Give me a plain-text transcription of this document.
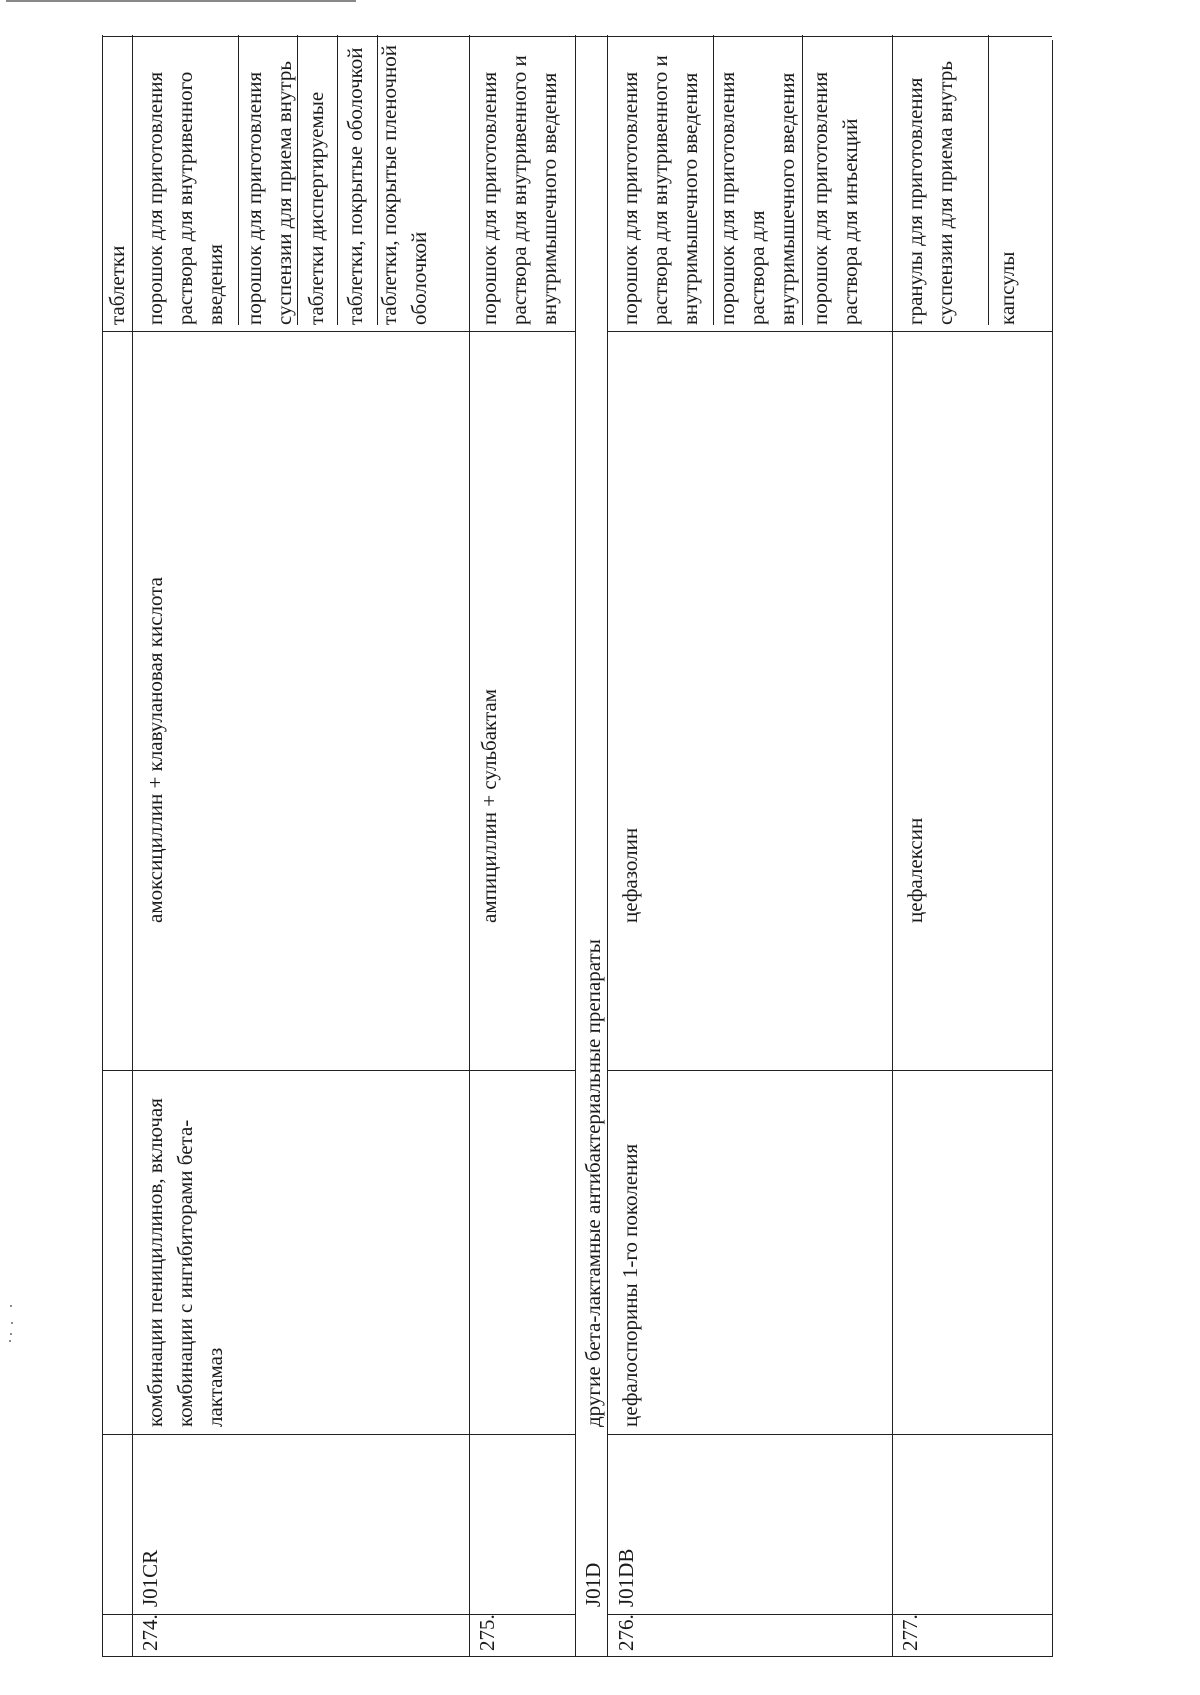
таблетки
274.
J01CR
комбинации пенициллинов, включая комбинации с ингибиторами бета-лактамаз
амоксициллин + клавулановая кислота
порошок для приготовления раствора для внутривенного введения порошок для приготовления суспензии для приема внутрь таблетки диспергируемые таблетки, покрытые оболочкой таблетки, покрытые пленочной оболочкой
275.
ампициллин + сульбактам
порошок для приготовления раствора для внутривенного и внутримышечного введения
J01D
другие бета-лактамные антибактериальные препараты
276.
J01DB
цефалоспорины 1-го поколения
цефазолин
порошок для приготовления раствора для внутривенного и внутримышечного введения порошок для приготовления раствора для внутримышечного введения порошок для приготовления раствора для инъекций
277.
цефалексин
гранулы для приготовления суспензии для приема внутрь капсулы
